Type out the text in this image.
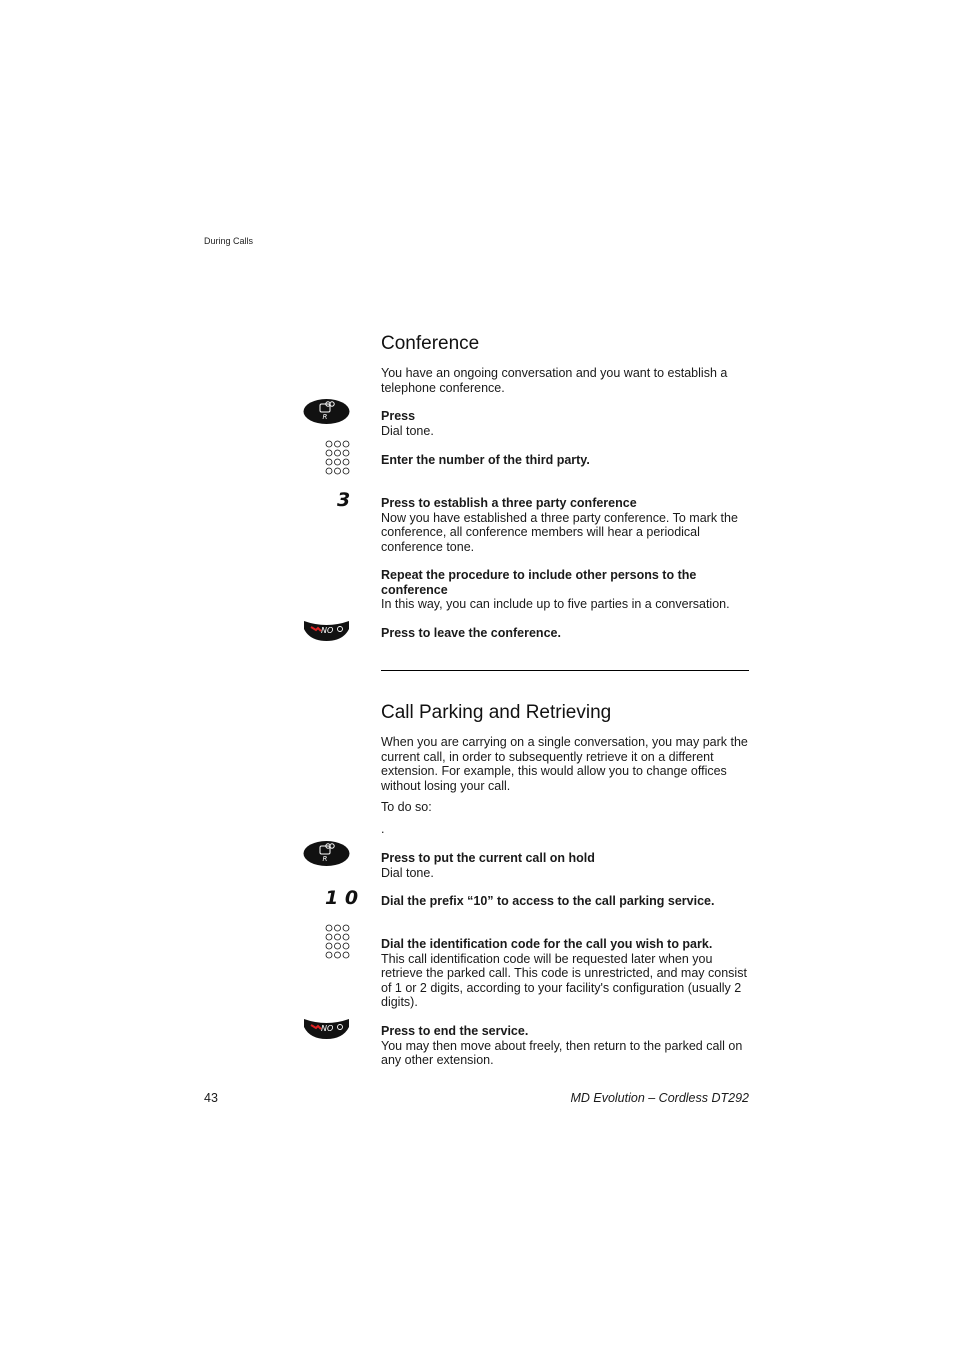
During Calls
Conference

You have an ongoing conversation and you want to establish a telephone conference.

R	Press

Dial tone.

Enter the number of the third party.

3 Press to establish a three party conference

Now you have established a three party conference. To mark the conference, all conference members will hear a periodical conference tone.

Repeat the procedure to include other persons to the conference

In this way, you can include up to five parties in a conversation.

NO	Press to leave the conference.

Call Parking and Retrieving

When you are carrying on a single conversation, you may park the current call, in order to subsequently retrieve it on a different extension. For example, this would allow you to change offices without losing your call.

To do so:

.

R	Press to put the current call on hold

Dial tone.

1 0 Dial the prefix “10” to access to the call parking service.

Dial the identification code for the call you wish to park.

This call identification code will be requested later when you retrieve the parked call. This code is unrestricted, and may consist of 1 or 2 digits, according to your facility's configuration (usually 2 digits).

NO	Press to end the service.

You may then move about freely, then return to the parked call on any other extension.

43	MD Evolution – Cordless DT292
